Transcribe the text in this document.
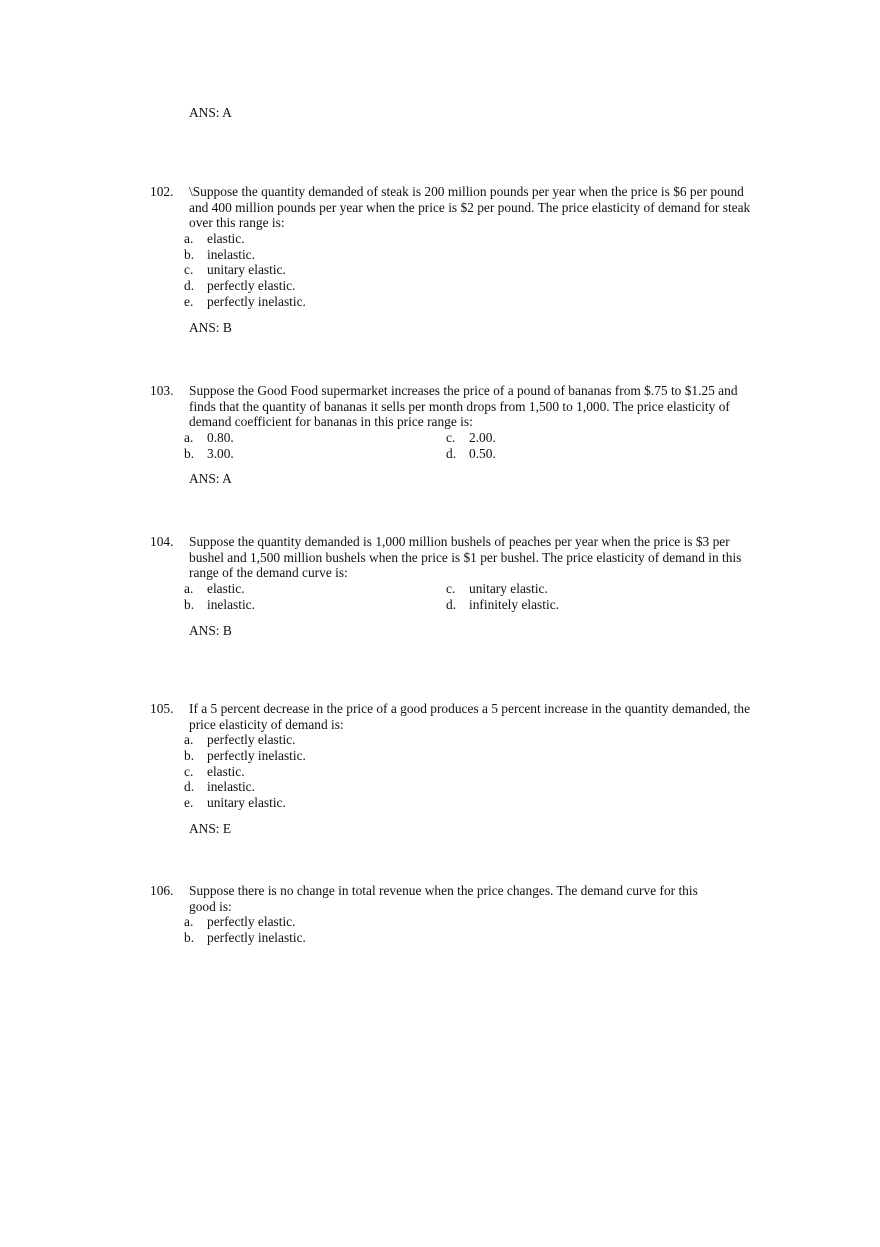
ANS: A
102.	\Suppose the quantity demanded of steak is 200 million pounds per year when the price is $6 per pound and 400 million pounds per year when the price is $2 per pound. The price elasticity of demand for steak over this range is:
a. elastic.
b. inelastic.
c. unitary elastic.
d. perfectly elastic.
e. perfectly inelastic.
ANS: B
103.	Suppose the Good Food supermarket increases the price of a pound of bananas from $.75 to $1.25 and finds that the quantity of bananas it sells per month drops from 1,500 to 1,000. The price elasticity of demand coefficient for bananas in this price range is:
a. 0.80.
b. 3.00.
c. 2.00.
d. 0.50.
ANS: A
104.	Suppose the quantity demanded is 1,000 million bushels of peaches per year when the price is $3 per bushel and 1,500 million bushels when the price is $1 per bushel. The price elasticity of demand in this range of the demand curve is:
a. elastic.
b. inelastic.
c. unitary elastic.
d. infinitely elastic.
ANS: B
105.	If a 5 percent decrease in the price of a good produces a 5 percent increase in the quantity demanded, the price elasticity of demand is:
a. perfectly elastic.
b. perfectly inelastic.
c. elastic.
d. inelastic.
e. unitary elastic.
ANS: E
106.	Suppose there is no change in total revenue when the price changes. The demand curve for this good is:
a. perfectly elastic.
b. perfectly inelastic.
